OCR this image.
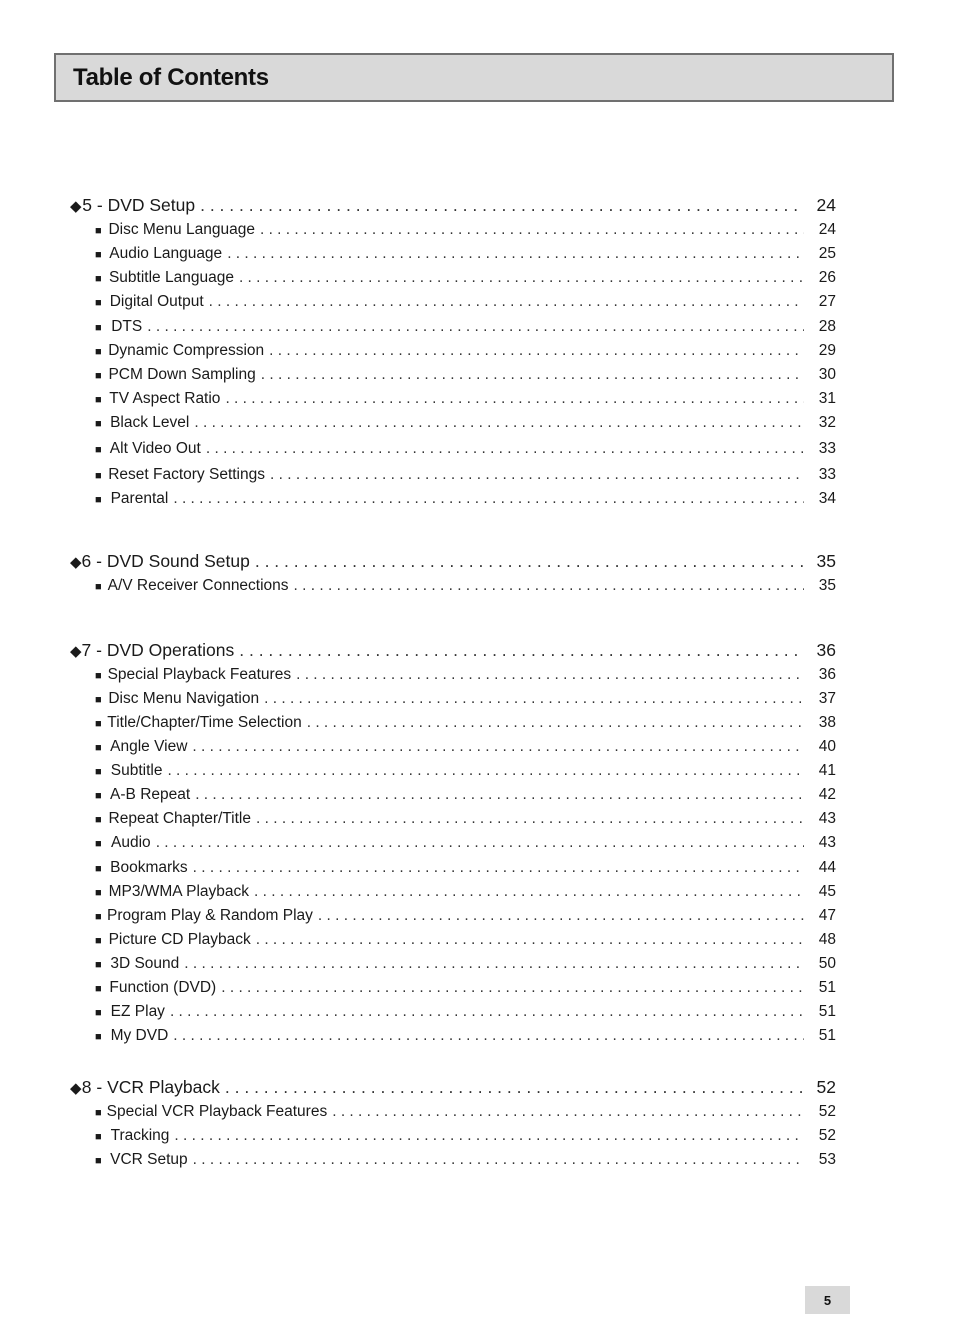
Table of Contents
◆ 5 - DVD Setup . . .	24
■ Disc Menu Language . . .	24
■ Audio Language . . .	25
■ Subtitle Language . . .	26
■ Digital Output . . .	27
■ DTS . . .	28
■ Dynamic Compression . . .	29
■ PCM Down Sampling . . .	30
■ TV Aspect Ratio . . .	31
■ Black Level . . .	32
■ Alt Video Out . . .	33
■ Reset Factory Settings . . .	33
■ Parental . . .	34
◆ 6 - DVD Sound Setup . . .	35
■ A/V Receiver Connections . . .	35
◆ 7 - DVD Operations . . .	36
■ Special Playback Features . . .	36
■ Disc Menu Navigation . . .	37
■ Title/Chapter/Time Selection . . .	38
■ Angle View . . .	40
■ Subtitle . . .	41
■ A-B Repeat . . .	42
■ Repeat Chapter/Title . . .	43
■ Audio . . .	43
■ Bookmarks . . .	44
■ MP3/WMA Playback . . .	45
■ Program Play & Random Play . . .	47
■ Picture CD Playback . . .	48
■ 3D Sound . . .	50
■ Function (DVD) . . .	51
■ EZ Play . . .	51
■ My DVD . . .	51
◆ 8 - VCR Playback . . .	52
■ Special VCR Playback Features . . .	52
■ Tracking . . .	52
■ VCR Setup . . .	53
5
